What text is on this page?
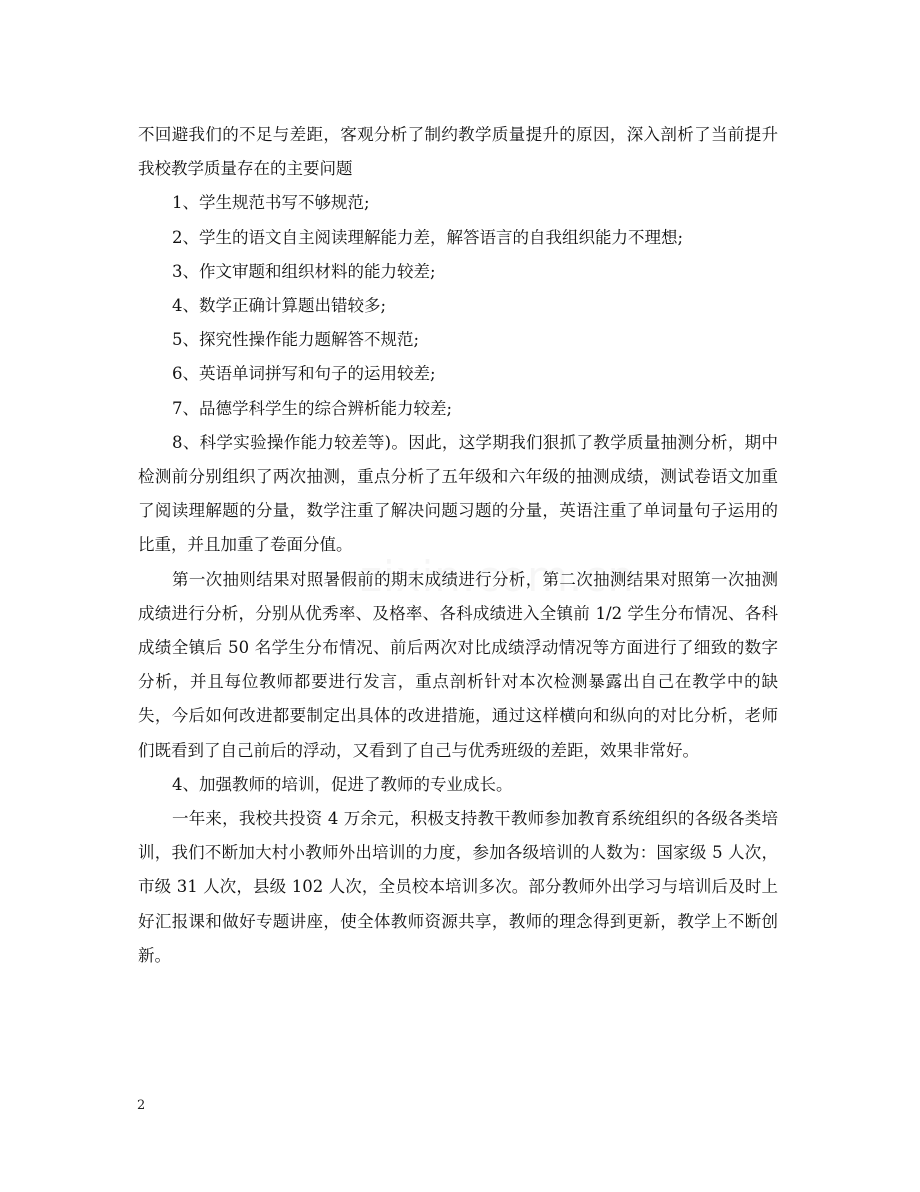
不回避我们的不足与差距，客观分析了制约教学质量提升的原因，深入剖析了当前提升我校教学质量存在的主要问题

1、学生规范书写不够规范;

2、学生的语文自主阅读理解能力差，解答语言的自我组织能力不理想;

3、作文审题和组织材料的能力较差;

4、数学正确计算题出错较多;

5、探究性操作能力题解答不规范;

6、英语单词拼写和句子的运用较差;

7、品德学科学生的综合辨析能力较差;

8、科学实验操作能力较差等)。因此，这学期我们狠抓了教学质量抽测分析，期中检测前分别组织了两次抽测，重点分析了五年级和六年级的抽测成绩，测试卷语文加重了阅读理解题的分量，数学注重了解决问题习题的分量，英语注重了单词量句子运用的比重，并且加重了卷面分值。

第一次抽则结果对照暑假前的期末成绩进行分析，第二次抽测结果对照第一次抽测成绩进行分析，分别从优秀率、及格率、各科成绩进入全镇前 1/2 学生分布情况、各科成绩全镇后 50 名学生分布情况、前后两次对比成绩浮动情况等方面进行了细致的数字分析，并且每位教师都要进行发言，重点剖析针对本次检测暴露出自己在教学中的缺失，今后如何改进都要制定出具体的改进措施，通过这样横向和纵向的对比分析，老师们既看到了自己前后的浮动，又看到了自己与优秀班级的差距，效果非常好。

4、加强教师的培训，促进了教师的专业成长。

一年来，我校共投资 4 万余元，积极支持教干教师参加教育系统组织的各级各类培训，我们不断加大村小教师外出培训的力度，参加各级培训的人数为：国家级 5 人次，市级 31 人次，县级 102 人次，全员校本培训多次。部分教师外出学习与培训后及时上好汇报课和做好专题讲座，使全体教师资源共享，教师的理念得到更新，教学上不断创新。

2
